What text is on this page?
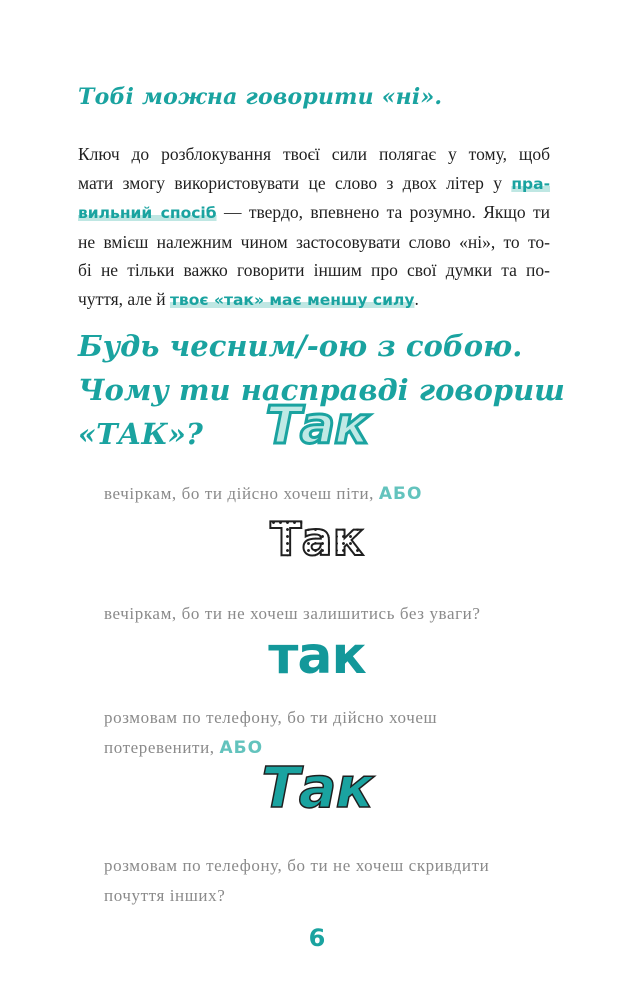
Тобі можна говорити «ні».
Ключ до розблокування твоєї сили полягає у тому, щоб
мати змогу використовувати це слово з двох літер у пра-
вильний спосіб — твердо, впевнено та розумно. Якщо ти
не вмієш належним чином застосовувати слово «ні», то то-
бі не тільки важко говорити іншим про свої думки та по-
чуття, але й твоє «так» має меншу силу.
Будь чесним/-ою з собою. Чому ти насправді говориш «ТАК»?	Так
вечіркам, бо ти дійсно хочеш піти, АБО
Так
вечіркам, бо ти не хочеш залишитись без уваги?
так
розмовам по телефону, бо ти дійсно хочеш
потеревенити, АБО
Так
розмовам по телефону, бо ти не хочеш скривдити
почуття інших?
6
